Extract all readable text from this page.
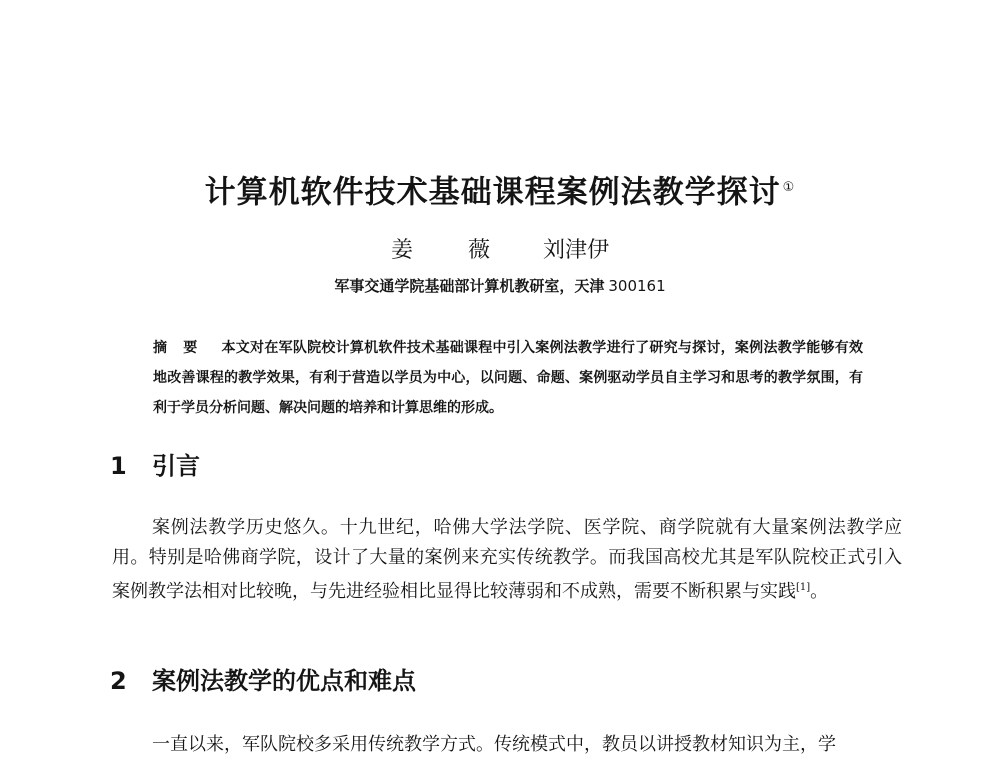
计算机软件技术基础课程案例法教学探讨 ①
姜 薇 刘津伊
军事交通学院基础部计算机教研室，天津 300161
摘要 本文对在军队院校计算机软件技术基础课程中引入案例法教学进行了研究与探讨，案例法教学能够有效地改善课程的教学效果，有利于营造以学员为中心，以问题、命题、案例驱动学员自主学习和思考的教学氛围，有利于学员分析问题、解决问题的培养和计算思维的形成。
1 引言
案例法教学历史悠久。十九世纪，哈佛大学法学院、医学院、商学院就有大量案例法教学应用。特别是哈佛商学院，设计了大量的案例来充实传统教学。而我国高校尤其是军队院校正式引入案例教学法相对比较晚，与先进经验相比显得比较薄弱和不成熟，需要不断积累与实践[1]。
2 案例法教学的优点和难点
一直以来，军队院校多采用传统教学方式。传统模式中，教员以讲授教材知识为主，学
